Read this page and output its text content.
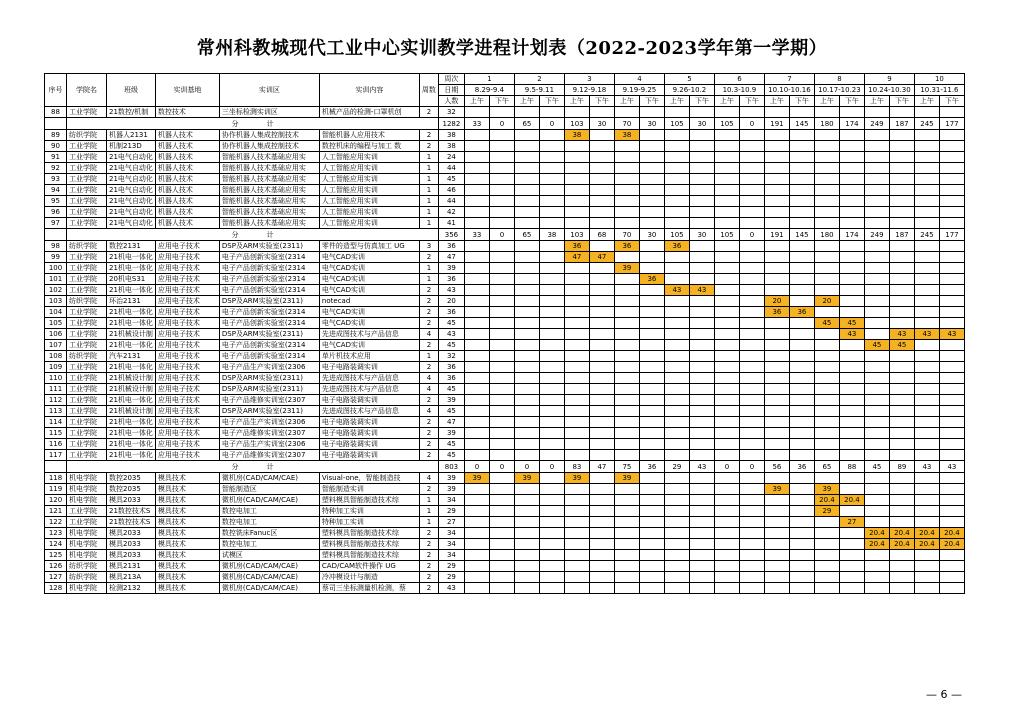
常州科教城现代工业中心实训教学进程计划表（2022-2023学年第一学期）
序号	学院名	班级	实训基地	实训区	实训内容	周数	周次	1		2		3		4		5		6		7		8		9		10	
							日期	8.29-9.4		9.5-9.11		9.12-9.18		9.19-9.25		9.26-10.2		10.3-10.9		10.10-10.16		10.17-10.23		10.24-10.30		10.31-11.6	
							人数	上午	下午	上午	下午	上午	下午	上午	下午	上午	下午	上午	下午	上午	下午	上午	下午	上午	下午	上午	下午
88	工业学院	21数控/机制	数控技术	三坐标检测实训区	机械产品的检测-口罩机创	2	32																				
	分　　　　计						1282	33	0	65	0	103	30	70	30	105	30	105	0	191	145	180	174	249	187	245	177
89	纺织学院	机器人2131	机器人技术	协作机器人集成控制技术	智能机器人应用技术	2	38					38		38													
90	工业学院	机制213D	机器人技术	协作机器人集成控制技术	数控机床的编程与加工 数	2	38																				
91	工业学院	21电气自动化	机器人技术	智能机器人技术基础应用实	人工智能应用实训	1	24																				
92	工业学院	21电气自动化	机器人技术	智能机器人技术基础应用实	人工智能应用实训	1	44																				
93	工业学院	21电气自动化	机器人技术	智能机器人技术基础应用实	人工智能应用实训	1	45																				
94	工业学院	21电气自动化	机器人技术	智能机器人技术基础应用实	人工智能应用实训	1	46																				
95	工业学院	21电气自动化	机器人技术	智能机器人技术基础应用实	人工智能应用实训	1	44																				
96	工业学院	21电气自动化	机器人技术	智能机器人技术基础应用实	人工智能应用实训	1	42																				
97	工业学院	21电气自动化	机器人技术	智能机器人技术基础应用实	人工智能应用实训	1	41																				
	分　　　　计						356	33	0	65	38	103	68	70	30	105	30	105	0	191	145	180	174	249	187	245	177
98	纺织学院	数控2131	应用电子技术	DSP及ARM实验室(2311)	零件的造型与仿真加工 UG	3	36					36		36		36											
99	工业学院	21机电一体化	应用电子技术	电子产品创新实验室(2314	电气CAD实训	2	47					47	47														
100	工业学院	21机电一体化	应用电子技术	电子产品创新实验室(2314	电气CAD实训	1	39							39													
101	工业学院	20机电S31	应用电子技术	电子产品创新实验室(2314	电气CAD实训	1	36								36												
102	工业学院	21机电一体化	应用电子技术	电子产品创新实验室(2314	电气CAD实训	2	43									43	43										
103	纺织学院	环治2131	应用电子技术	DSP及ARM实验室(2311)	notecad	2	20													20		20					
104	工业学院	21机电一体化	应用电子技术	电子产品创新实验室(2314	电气CAD实训	2	36													36	36						
105	工业学院	21机电一体化	应用电子技术	电子产品创新实验室(2314	电气CAD实训	2	45															45	45				
106	工业学院	21机械设计制	应用电子技术	DSP及ARM实验室(2311)	先进成图技术与产品信息	4	43																43		43	43	43
107	工业学院	21机电一体化	应用电子技术	电子产品创新实验室(2314	电气CAD实训	2	45																	45	45		
108	纺织学院	汽车2131	应用电子技术	电子产品创新实验室(2314	单片机技术应用	1	32																				
109	工业学院	21机电一体化	应用电子技术	电子产品生产实训室(2306	电子电路装调实训	2	36																				
110	工业学院	21机械设计制	应用电子技术	DSP及ARM实验室(2311)	先进成图技术与产品信息	4	36																				
111	工业学院	21机械设计制	应用电子技术	DSP及ARM实验室(2311)	先进成图技术与产品信息	4	45																				
112	工业学院	21机电一体化	应用电子技术	电子产品维修实训室(2307	电子电路装调实训	2	39																				
113	工业学院	21机械设计制	应用电子技术	DSP及ARM实验室(2311)	先进成图技术与产品信息	4	45																				
114	工业学院	21机电一体化	应用电子技术	电子产品生产实训室(2306	电子电路装调实训	2	47																				
115	工业学院	21机电一体化	应用电子技术	电子产品维修实训室(2307	电子电路装调实训	2	39																				
116	工业学院	21机电一体化	应用电子技术	电子产品生产实训室(2306	电子电路装调实训	2	45																				
117	工业学院	21机电一体化	应用电子技术	电子产品维修实训室(2307	电子电路装调实训	2	45																				
	分　　　　计						803	0	0	0	0	83	47	75	36	29	43	0	0	56	36	65	88	45	89	43	43
118	机电学院	数控2035	模具技术	微机房(CAD/CAM/CAE)	Visual-one，智能制造技	4	39	39		39		39		39													
119	机电学院	数控2035	模具技术	智能制造区	智能制造实训	2	39													39		39					
120	机电学院	模具2033	模具技术	微机房(CAD/CAM/CAE)	塑料模具智能制造技术综	1	34															20.4	20.4				
121	工业学院	21数控技术S	模具技术	数控电加工	特种加工实训	1	29															29					
122	工业学院	21数控技术S	模具技术	数控电加工	特种加工实训	1	27																27				
123	机电学院	模具2033	模具技术	数控铣床Fanuc区	塑料模具智能制造技术综	2	34																	20.4	20.4	20.4	20.4
124	机电学院	模具2033	模具技术	数控电加工	塑料模具智能制造技术综	2	34																	20.4	20.4	20.4	20.4
125	机电学院	模具2033	模具技术	试模区	塑料模具智能制造技术综	2	34																				
126	纺织学院	模具2131	模具技术	微机房(CAD/CAM/CAE)	CAD/CAM软件操作 UG	2	29																				
127	纺织学院	模具213A	模具技术	微机房(CAD/CAM/CAE)	冷冲模设计与制造	2	29																				
128	机电学院	检测2132	模具技术	微机房(CAD/CAM/CAE)	蔡司三坐标测量机检测，蔡	2	43																				
— 6 —
